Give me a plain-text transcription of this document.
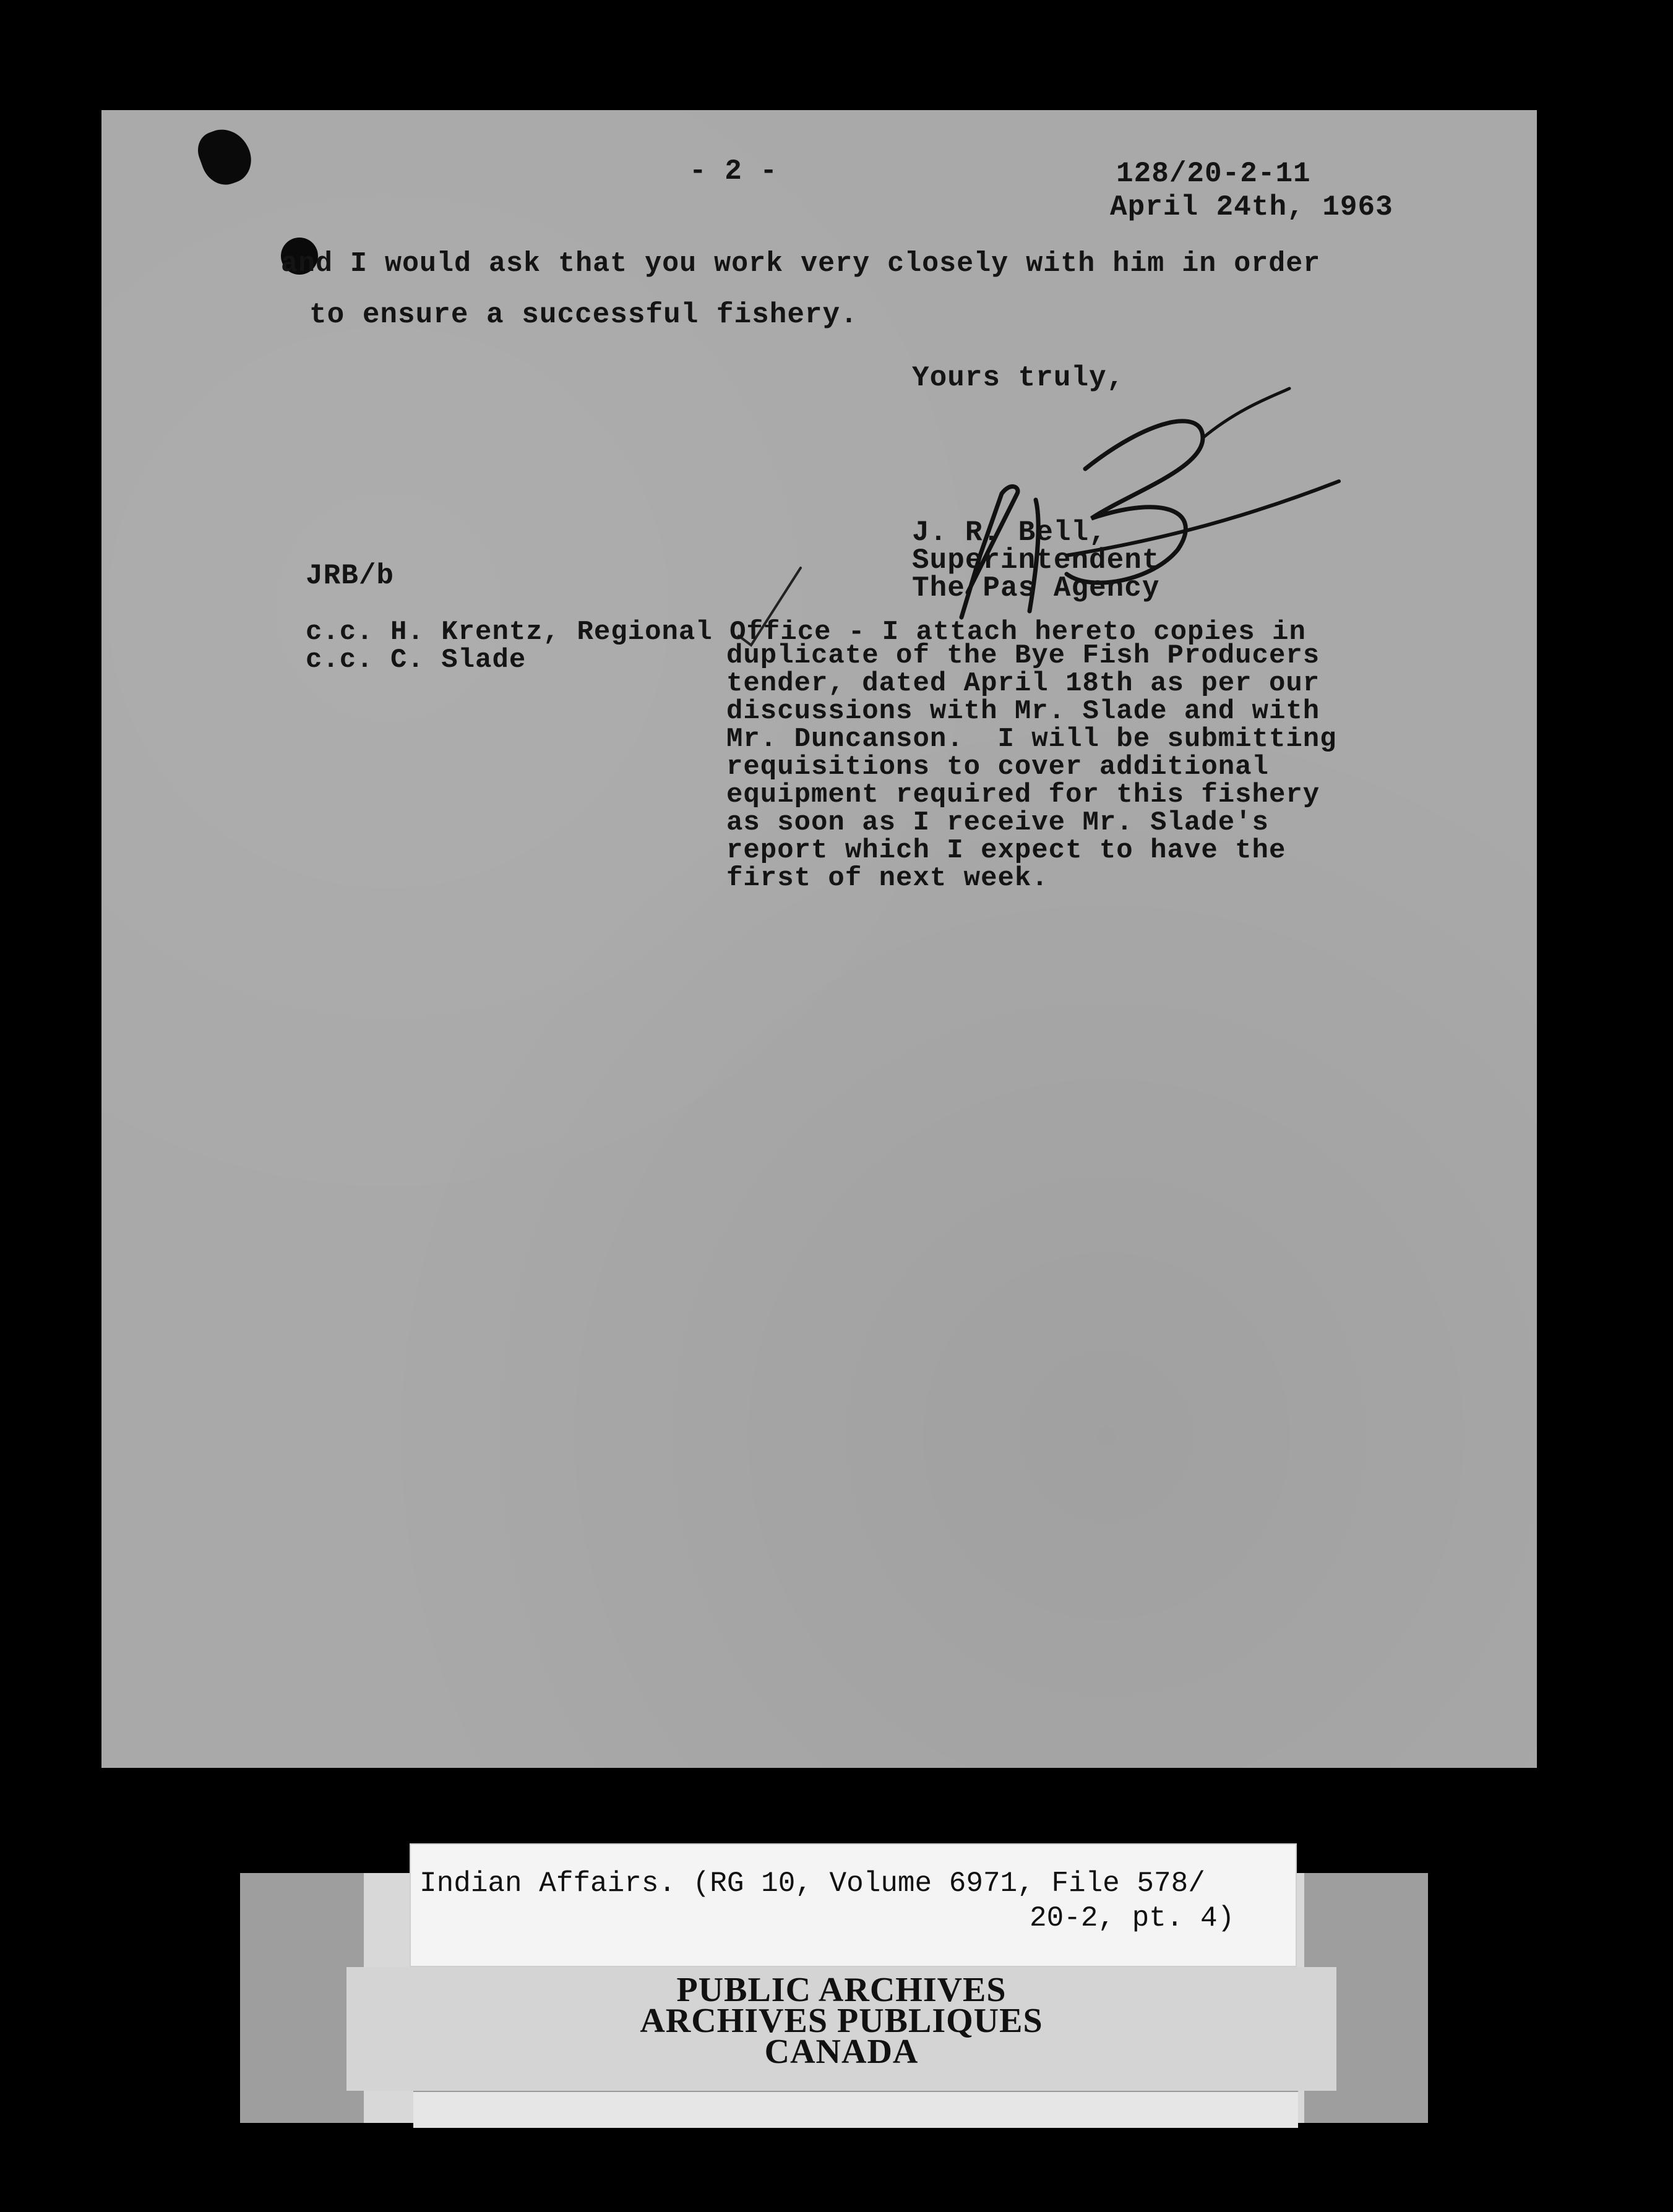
- 2 -	128/20-2-11
April 24th, 1963
and I would ask that you work very closely with him in order
to ensure a successful fishery.
Yours truly,
J. R. Bell,
Superintendent
The Pas Agency
JRB/b
c.c. H. Krentz, Regional Office - I attach hereto copies in
c.c. C. Slade	duplicate of the Bye Fish Producers
tender, dated April 18th as per our
discussions with Mr. Slade and with
Mr. Duncanson.  I will be submitting
requisitions to cover additional
equipment required for this fishery
as soon as I receive Mr. Slade's
report which I expect to have the
first of next week.
Indian Affairs. (RG 10, Volume 6971, File 578/
20-2, pt. 4)
PUBLIC ARCHIVES
ARCHIVES PUBLIQUES
CANADA
